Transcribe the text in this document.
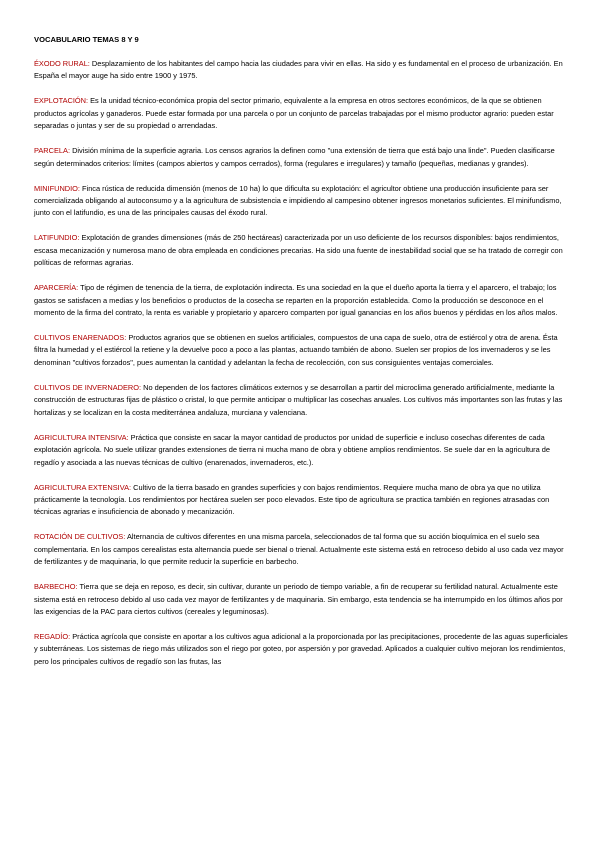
VOCABULARIO TEMAS 8 Y 9

ÉXODO RURAL: Desplazamiento de los habitantes del campo hacia las ciudades para vivir en ellas. Ha sido y es fundamental en el proceso de urbanización. En España el mayor auge ha sido entre 1900 y 1975.

EXPLOTACIÓN: Es la unidad técnico-económica propia del sector primario, equivalente a la empresa en otros sectores económicos, de la que se obtienen productos agrícolas y ganaderos. Puede estar formada por una parcela o por un conjunto de parcelas trabajadas por el mismo productor agrario: pueden estar separadas o juntas y ser de su propiedad o arrendadas.

PARCELA: División mínima de la superficie agraria. Los censos agrarios la definen como "una extensión de tierra que está bajo una linde". Pueden clasificarse según determinados criterios: límites (campos abiertos y campos cerrados), forma (regulares e irregulares) y tamaño (pequeñas, medianas y grandes).

MINIFUNDIO: Finca rústica de reducida dimensión (menos de 10 ha) lo que dificulta su explotación: el agricultor obtiene una producción insuficiente para ser comercializada obligando al autoconsumo y a la agricultura de subsistencia e impidiendo al campesino obtener ingresos monetarios suficientes. El minifundismo, junto con el latifundio, es una de las principales causas del éxodo rural.

LATIFUNDIO: Explotación de grandes dimensiones (más de 250 hectáreas) caracterizada por un uso deficiente de los recursos disponibles: bajos rendimientos, escasa mecanización y numerosa mano de obra empleada en condiciones precarias. Ha sido una fuente de inestabilidad social que se ha tratado de corregir con políticas de reformas agrarias.

APARCERÍA: Tipo de régimen de tenencia de la tierra, de explotación indirecta. Es una sociedad en la que el dueño aporta la tierra y el aparcero, el trabajo; los gastos se satisfacen a medias y los beneficios o productos de la cosecha se reparten en la proporción establecida. Como la producción se desconoce en el momento de la firma del contrato, la renta es variable y propietario y aparcero comparten por igual ganancias en los años buenos y pérdidas en los años malos.

CULTIVOS ENARENADOS: Productos agrarios que se obtienen en suelos artificiales, compuestos de una capa de suelo, otra de estiércol y otra de arena. Ésta filtra la humedad y el estiércol la retiene y la devuelve poco a poco a las plantas, actuando también de abono. Suelen ser propios de los invernaderos y se les denominan "cultivos forzados", pues aumentan la cantidad y adelantan la fecha de recolección, con sus consiguientes ventajas comerciales.

CULTIVOS DE INVERNADERO: No dependen de los factores climáticos externos y se desarrollan a partir del microclima generado artificialmente, mediante la construcción de estructuras fijas de plástico o cristal, lo que permite anticipar o multiplicar las cosechas anuales. Los cultivos más importantes son las frutas y las hortalizas y se localizan en la costa mediterránea andaluza, murciana y valenciana.

AGRICULTURA INTENSIVA: Práctica que consiste en sacar la mayor cantidad de productos por unidad de superficie e incluso cosechas diferentes de cada explotación agrícola. No suele utilizar grandes extensiones de tierra ni mucha mano de obra y obtiene amplios rendimientos. Se suele dar en la agricultura de regadío y asociada a las nuevas técnicas de cultivo (enarenados, invernaderos, etc.).

AGRICULTURA EXTENSIVA: Cultivo de la tierra basado en grandes superficies y con bajos rendimientos. Requiere mucha mano de obra ya que no utiliza prácticamente la tecnología. Los rendimientos por hectárea suelen ser poco elevados. Este tipo de agricultura se practica también en regiones atrasadas con técnicas agrarias e insuficiencia de abonado y mecanización.

ROTACIÓN DE CULTIVOS: Alternancia de cultivos diferentes en una misma parcela, seleccionados de tal forma que su acción bioquímica en el suelo sea complementaria. En los campos cerealistas esta alternancia puede ser bienal o trienal. Actualmente este sistema está en retroceso debido al uso cada vez mayor de fertilizantes y de maquinaria, lo que permite reducir la superficie en barbecho.

BARBECHO: Tierra que se deja en reposo, es decir, sin cultivar, durante un periodo de tiempo variable, a fin de recuperar su fertilidad natural. Actualmente este sistema está en retroceso debido al uso cada vez mayor de fertilizantes y de maquinaria. Sin embargo, esta tendencia se ha interrumpido en los últimos años por las exigencias de la PAC para ciertos cultivos (cereales y leguminosas).

REGADÍO: Práctica agrícola que consiste en aportar a los cultivos agua adicional a la proporcionada por las precipitaciones, procedente de las aguas superficiales y subterráneas. Los sistemas de riego más utilizados son el riego por goteo, por aspersión y por gravedad. Aplicados a cualquier cultivo mejoran los rendimientos, pero los principales cultivos de regadío son las frutas, las
